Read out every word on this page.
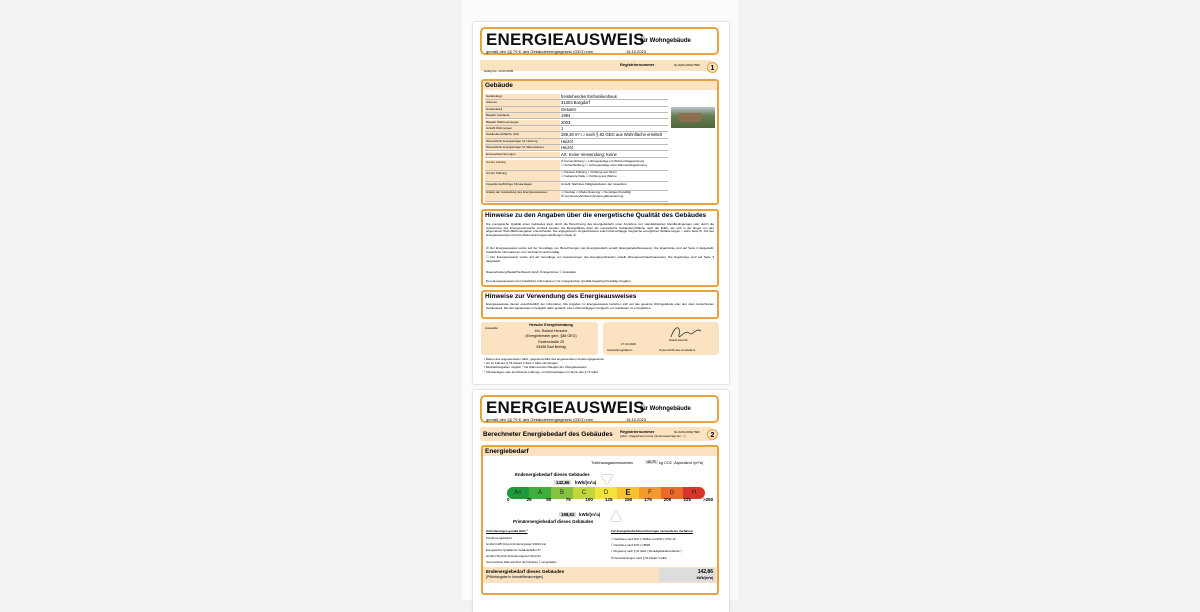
ENERGIEAUSWEIS
für Wohngebäude
gemäß den §§ 79 ff. des Gebäudeenergiegesetz (GEG) vom	16.10.2023
Registriernummer	NI-2026-0062/7682	1
Gültig bis: 10.03.2036
Gebäude
Gebäudetyp	freistehendes Einfamilienhaus
Adresse	31303 Burgdorf
Gebäudeteil	Gesamt
Baujahr Gebäude	1984
Baujahr Wärmeerzeuger	2003
Anzahl Wohnungen	1
Gebäudenutzfläche (AN)	289,30 m² ☐ nach § 82 GEG aus Wohnfläche ermittelt
Wesentliche Energieträger für Heizung	Heizöl
Wesentliche Energieträger für Warmwasser	Heizöl
Erneuerbare Energien	Art: Keine Verwendung: Keine
Art der Lüftung	☒ Fensterlüftung ☐ Lüftungsanlage mit Wärmerückgewinnung
☐ Schachtlüftung ☐ Lüftungsanlage ohne Wärmerückgewinnung
Art der Kühlung	☐ Passive Kühlung ☐ Kühlung aus Strom
☐ Gelieferte Kälte ☐ Kühlung aus Wärme
Inspektionspflichtige Klimaanlagen	Anzahl: Nächstes Fälligkeitsdatum der Inspektion:
Anlass der Ausstellung des Energieausweises	☐ Neubau ☐ Modernisierung ☐ Sonstiges (freiwillig)
☒ Vermietung/Verkauf (Änderung/Erweiterung)
Hinweise zu den Angaben über die energetische Qualität des Gebäudes
Die energetische Qualität eines Gebäudes kann durch die Berechnung des Energiebedarfs unter Annahme von standardisierten Randbedingungen oder durch die Auswertung des Energieverbrauchs ermittelt werden. Als Bezugsfläche dient die energetische Gebäudenutzfläche nach der EnEV, die sich in der Regel von den allgemeinen Wohnflächenangaben unterscheidet. Die angegebenen Vergleichswerte sollen überschlägige Vergleiche ermöglichen (Erläuterungen – siehe Seite 5). Teil des Energieausweises sind die Modernisierungsempfehlungen (Seite 4).
☒ Der Energieausweis wurde auf der Grundlage von Berechnungen des Energiebedarfs erstellt (Energiebedarfsausweis). Die Ergebnisse sind auf Seite 2 dargestellt. Zusätzliche Informationen zum Verbrauch sind freiwillig.
☐ Der Energieausweis wurde auf der Grundlage von Auswertungen des Energieverbrauchs erstellt (Energieverbrauchsausweis). Die Ergebnisse sind auf Seite 3 dargestellt.
Datenerhebung Bedarf/Verbrauch durch ☒ Eigentümer ☐ Aussteller
Dem Energieausweis sind zusätzliche Informationen zur energetischen Qualität beigefügt (freiwillige Angabe).
Hinweise zur Verwendung des Energieausweises
Energieausweise dienen ausschließlich der Information. Die Angaben im Energieausweis beziehen sich auf das gesamte Wohngebäude oder den oben bezeichneten Gebäudeteil. Der Energieausweis ist lediglich dafür gedacht, einen überschlägigen Vergleich von Gebäuden zu ermöglichen.
Aussteller
Hersche Energieberatung
Inh. Roland Hersche
(Energieberater gem. §88 GEG)
Gartenstraße 25
53498 Bad Breisig
17.03.2026
Ausstellungsdatum
Roland Hersche
Unterschrift des Ausstellers
¹ Datum des angewendeten GEG, gegebenenfalls des angewendeten Änderungsgesetzes
² nur im Fall des § 79 Absatz 2 Satz 2 GEG einzutragen
³ Mehrfachangaben möglich ⁴ bei Wärmenetzen Baujahr der Übergabestation
⁵ Klimaanlagen oder kombinierte Lüftungs- und Klimaanlagen im Sinne des § 74 GEG
ENERGIEAUSWEIS
für Wohngebäude
gemäß den §§ 79 ff. des Gebäudeenergiegesetz (GEG) vom	16.10.2023
Registriernummer	NI-2026-0062/7682
(oder: „Registriernummer wurde beantragt am...“)
Berechneter Energiebedarf des Gebäudes	2
Energiebedarf
Treibhausgasemissionen	46,79 kg CO2 -Äquivalent /(m²a)
Endenergiebedarf dieses Gebäudes
142,86	kWh/(m²a)
A+	A	B	C	D	E	F	G	H
0	25	50	75	100	125	150	175	200	225	>250
158,92	kWh/(m²a)
Primärenergiebedarf dieses Gebäudes
Anforderungen gemäß GEG ²
Primärenergiebedarf
Ist-Wert kWh/(m²a) Anforderungswert kWh/(m²a)
Energetische Qualität der Gebäudehülle H'T
Ist-Wert W/(m²K) Anforderungswert W/(m²K)
Sommerlicher Wärmeschutz (bei Neubau) ☐ eingehalten
Für Energiebedarfsberechnungen verwendetes Verfahren
☐ Verfahren nach DIN V 4108-6 und DIN V 4701-10
☐ Verfahren nach DIN V 18599
☐ Regelung nach § 31 GEG („Modellgebäudeverfahren“)
☒ Vereinfachungen nach § 50 Absatz 4 GEG
Endenergiebedarf dieses Gebäudes
[Pflichtangabe in Immobilienanzeigen]
142,86
kWh/(m²a)
